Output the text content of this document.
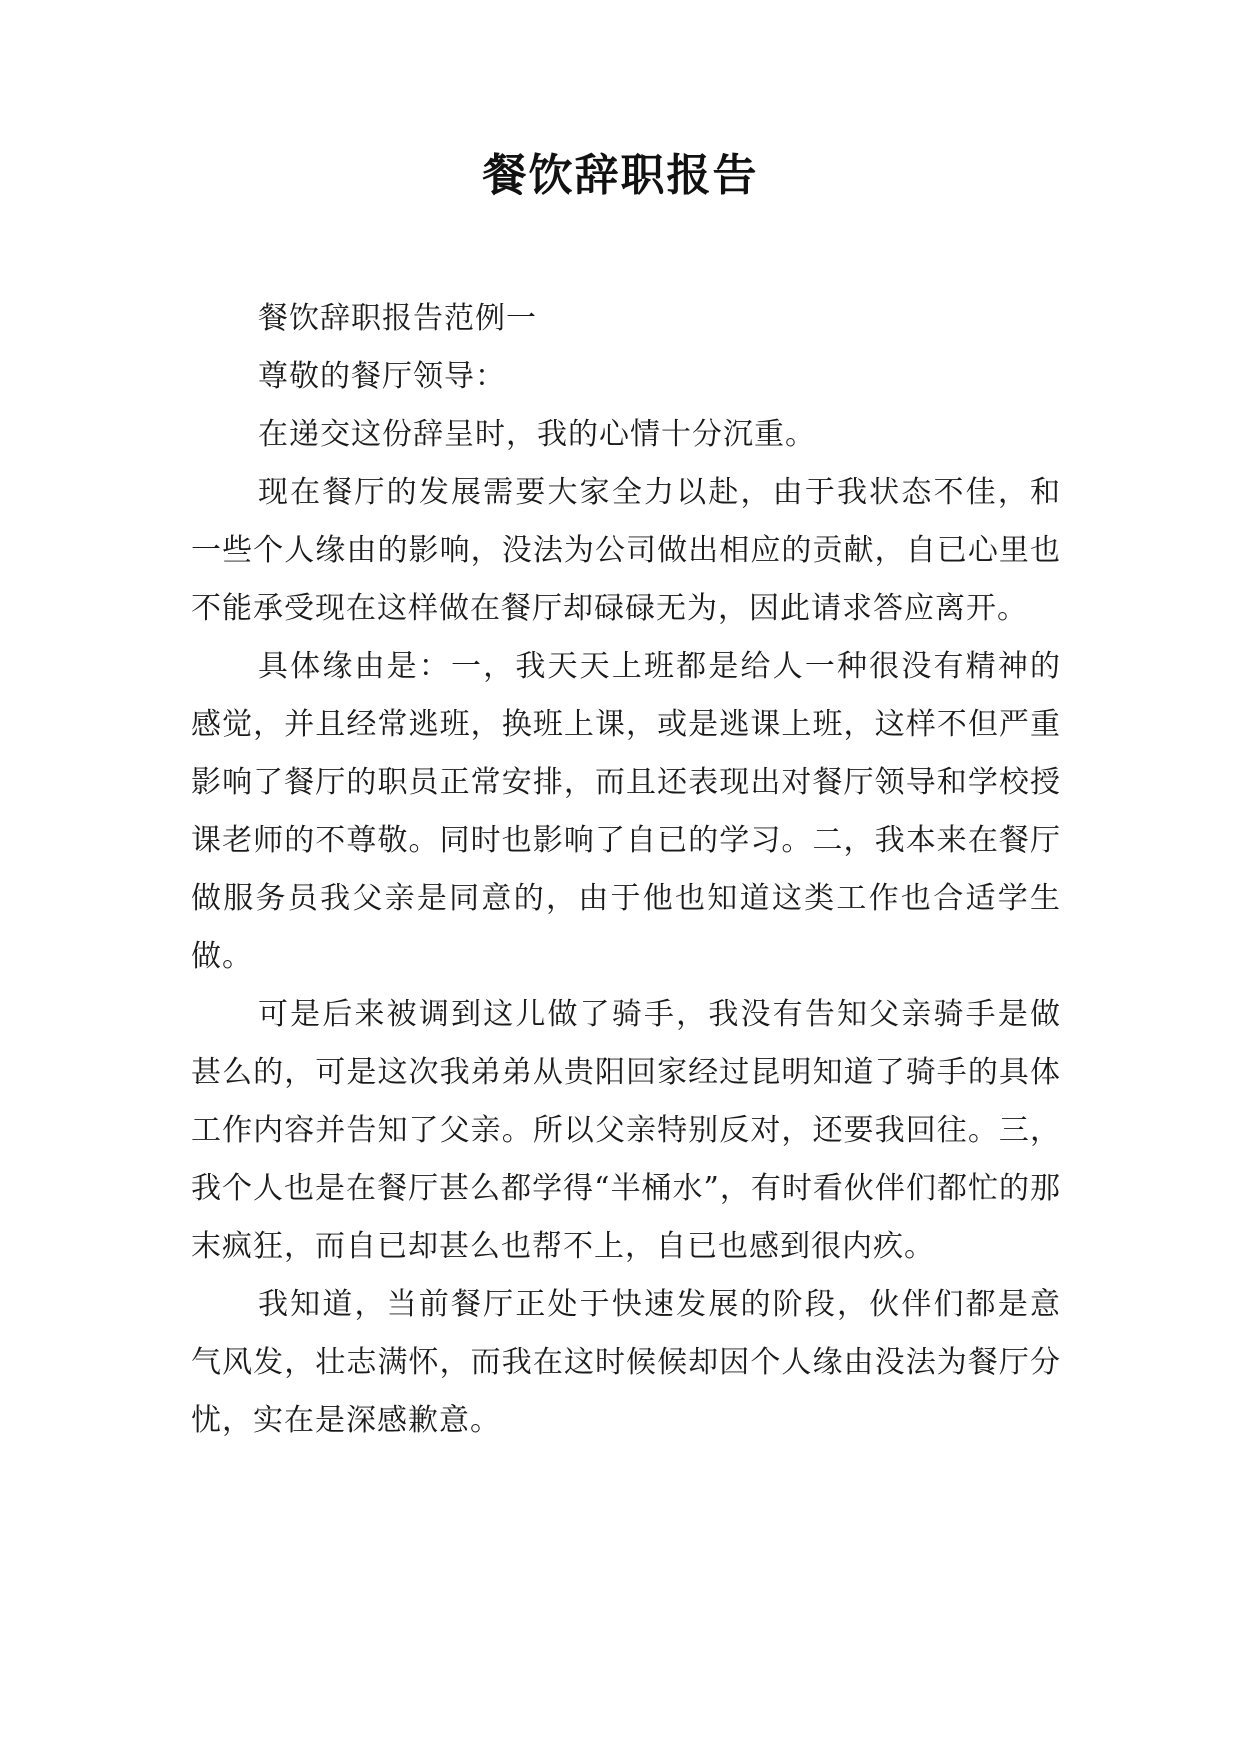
餐饮辞职报告

餐饮辞职报告范例一

尊敬的餐厅领导：

在递交这份辞呈时，我的心情十分沉重。

现在餐厅的发展需要大家全力以赴，由于我状态不佳，和一些个人缘由的影响，没法为公司做出相应的贡献，自已心里也不能承受现在这样做在餐厅却碌碌无为，因此请求答应离开。

具体缘由是：一，我天天上班都是给人一种很没有精神的感觉，并且经常逃班，换班上课，或是逃课上班，这样不但严重影响了餐厅的职员正常安排，而且还表现出对餐厅领导和学校授课老师的不尊敬。同时也影响了自已的学习。二，我本来在餐厅做服务员我父亲是同意的，由于他也知道这类工作也合适学生做。

可是后来被调到这儿做了骑手，我没有告知父亲骑手是做甚么的，可是这次我弟弟从贵阳回家经过昆明知道了骑手的具体工作内容并告知了父亲。所以父亲特别反对，还要我回往。三，我个人也是在餐厅甚么都学得“半桶水”，有时看伙伴们都忙的那末疯狂，而自已却甚么也帮不上，自已也感到很内疚。

我知道，当前餐厅正处于快速发展的阶段，伙伴们都是意气风发，壮志满怀，而我在这时候候却因个人缘由没法为餐厅分忧，实在是深感歉意。
